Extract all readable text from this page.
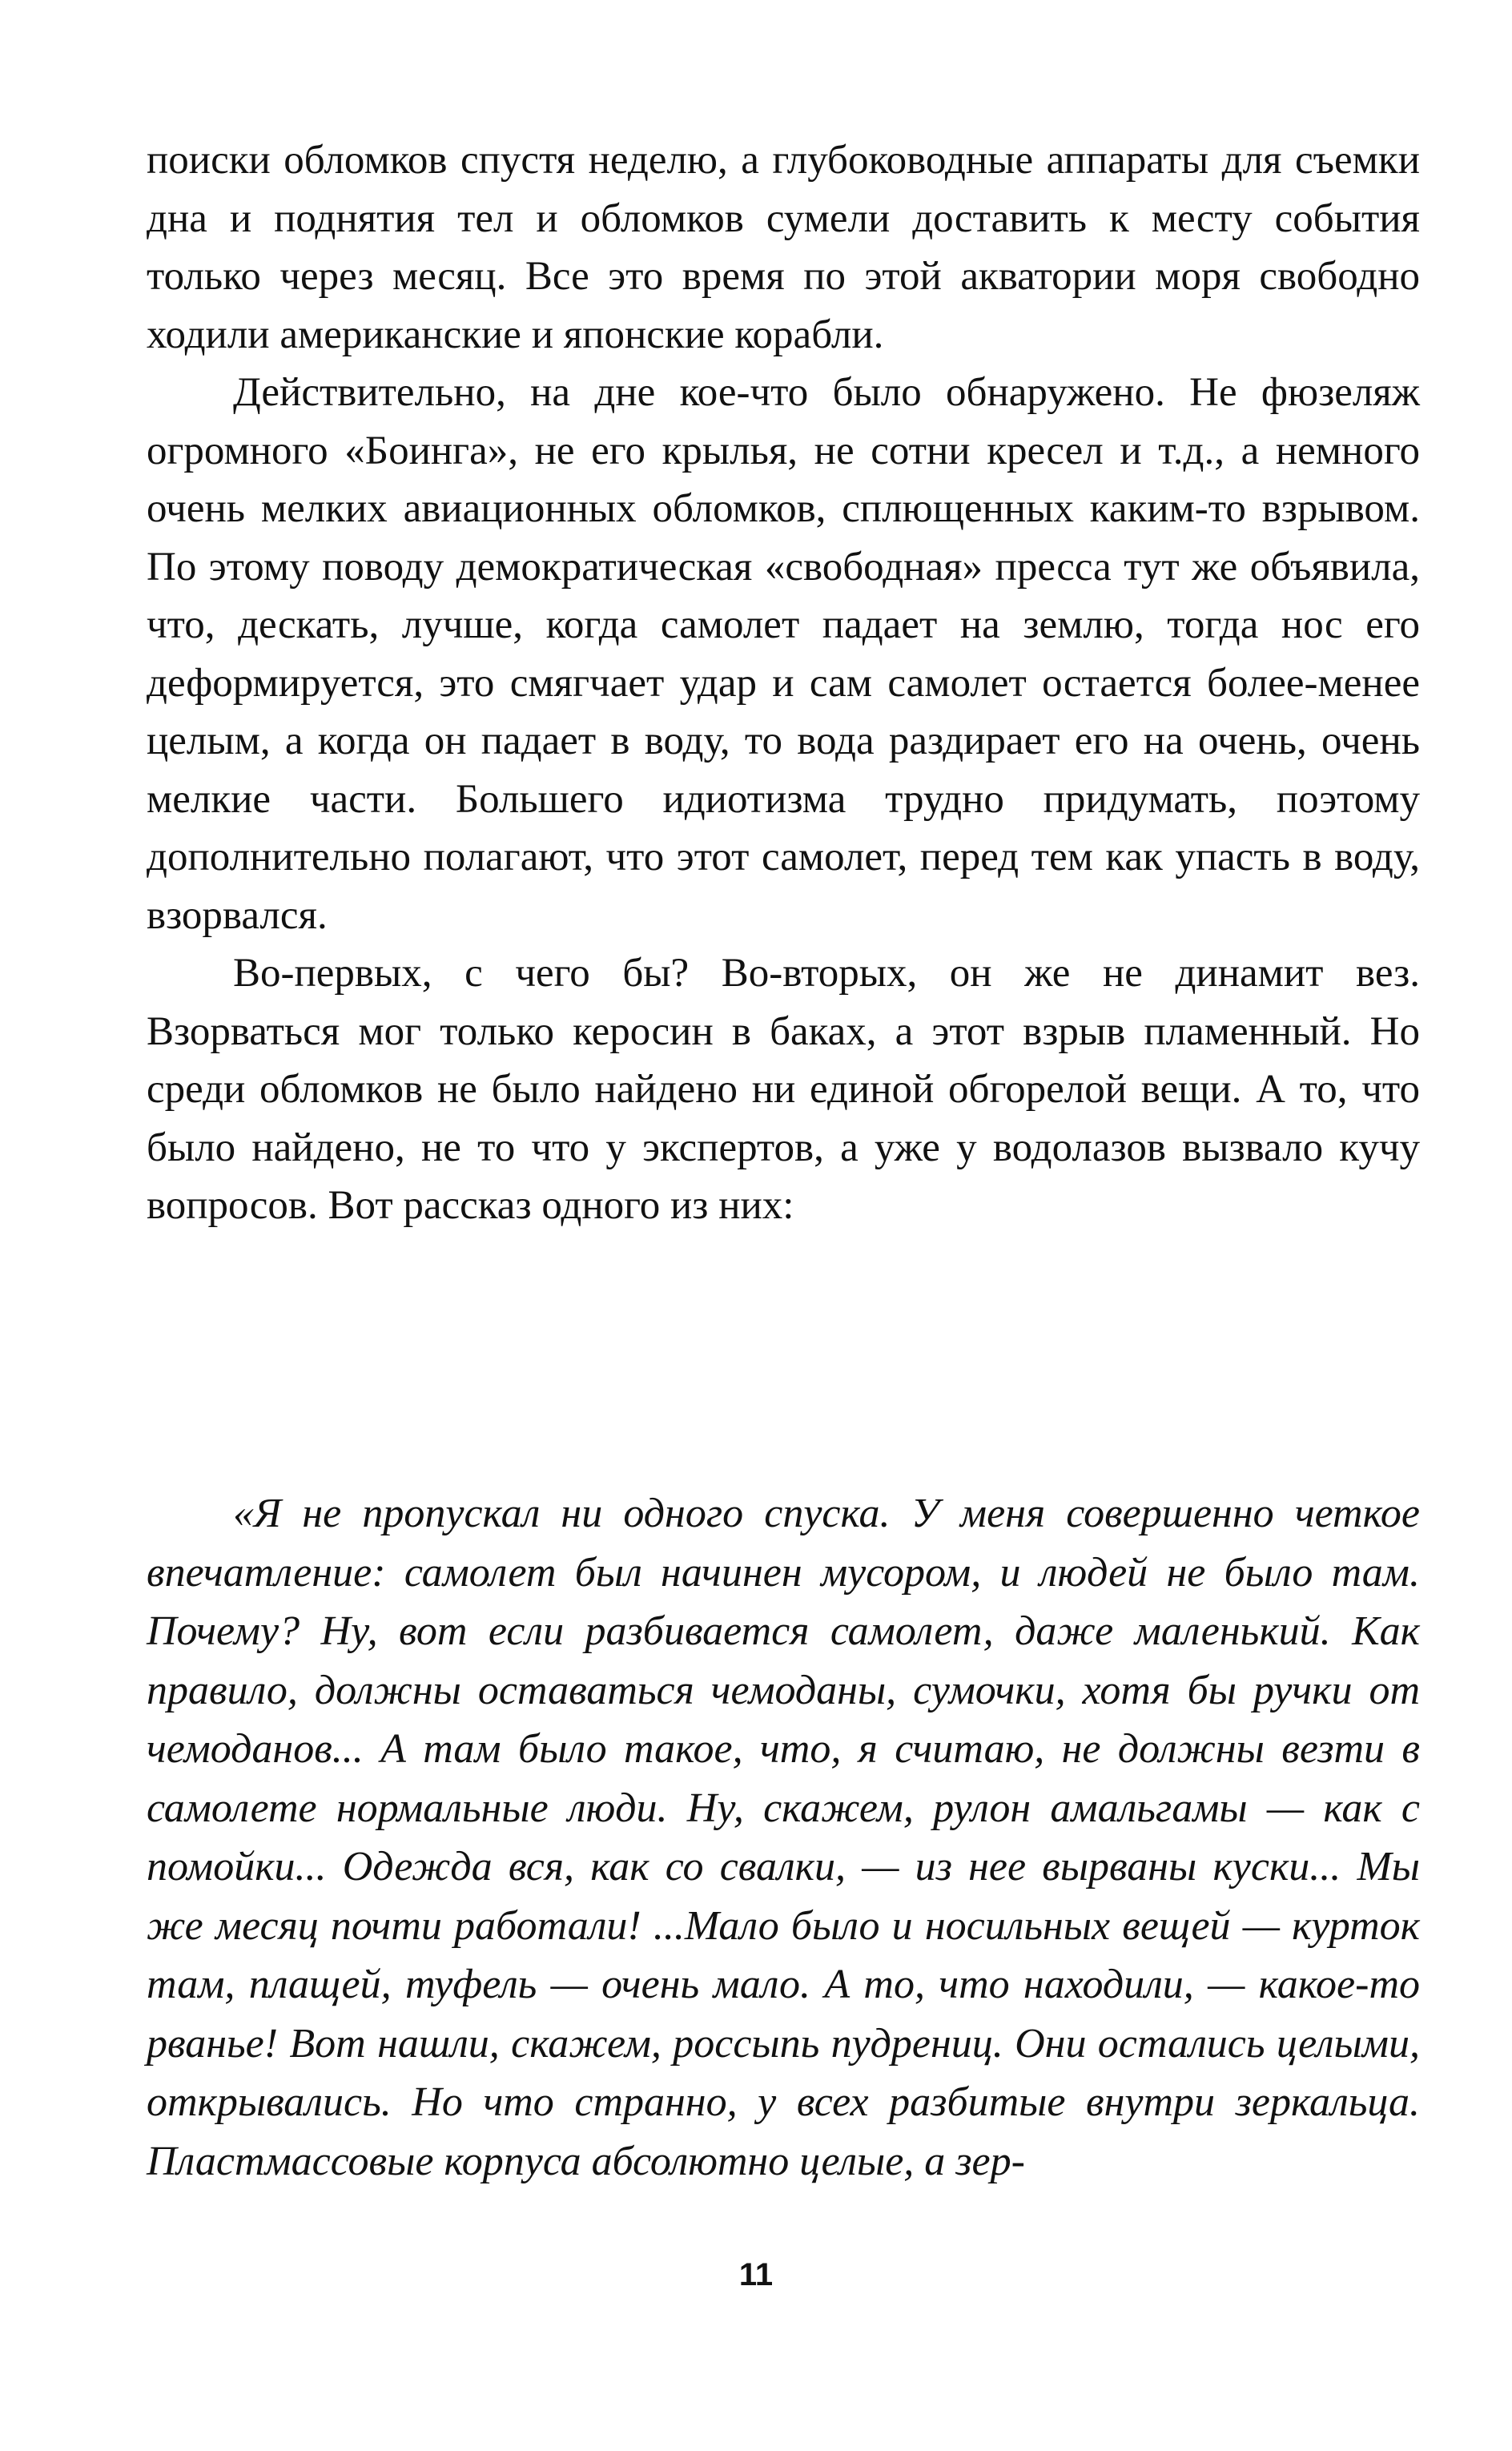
поиски обломков спустя неделю, а глубоководные аппараты для съемки дна и поднятия тел и обломков сумели доставить к месту события только через месяц. Все это время по этой акватории моря свободно ходили американские и японские корабли.

Действительно, на дне кое-что было обнаружено. Не фюзеляж огромного «Боинга», не его крылья, не сотни кресел и т.д., а немного очень мелких авиационных обломков, сплющенных каким-то взрывом. По этому поводу демократическая «свободная» пресса тут же объявила, что, дескать, лучше, когда самолет падает на землю, тогда нос его деформируется, это смягчает удар и сам самолет остается более-менее целым, а когда он падает в воду, то вода раздирает его на очень, очень мелкие части. Большего идиотизма трудно придумать, поэтому дополнительно полагают, что этот самолет, перед тем как упасть в воду, взорвался.

Во-первых, с чего бы? Во-вторых, он же не динамит вез. Взорваться мог только керосин в баках, а этот взрыв пламенный. Но среди обломков не было найдено ни единой обгорелой вещи. А то, что было найдено, не то что у экспертов, а уже у водолазов вызвало кучу вопросов. Вот рассказ одного из них:

«Я не пропускал ни одного спуска. У меня совершенно четкое впечатление: самолет был начинен мусором, и людей не было там. Почему? Ну, вот если разбивается самолет, даже маленький. Как правило, должны оставаться чемоданы, сумочки, хотя бы ручки от чемоданов... А там было такое, что, я считаю, не должны везти в самолете нормальные люди. Ну, скажем, рулон амальгамы — как с помойки... Одежда вся, как со свалки, — из нее вырваны куски... Мы же месяц почти работали! ...Мало было и носильных вещей — курток там, плащей, туфель — очень мало. А то, что находили, — какое-то рванье! Вот нашли, скажем, россыпь пудрениц. Они остались целыми, открывались. Но что странно, у всех разбитые внутри зеркальца. Пластмассовые корпуса абсолютно целые, а зер-

11
